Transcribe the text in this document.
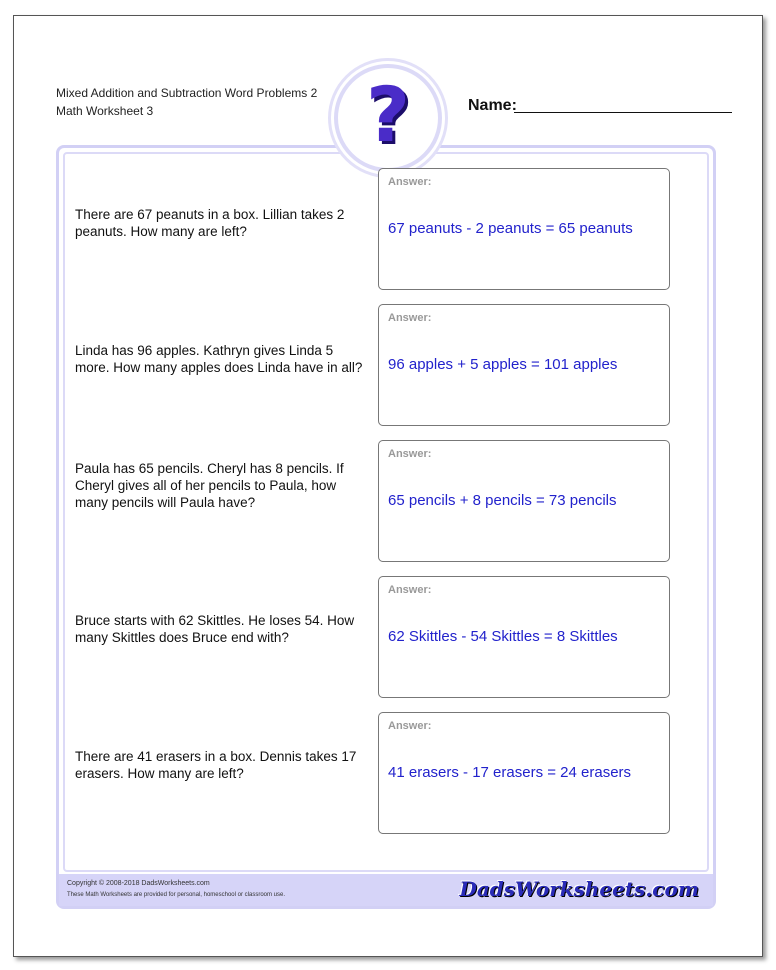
Mixed Addition and Subtraction Word Problems 2
Math Worksheet 3	Name:
Copyright © 2008-2018 DadsWorksheets.com
These Math Worksheets are provided for personal, homeschool or classroom use.	DadsWorksheets.com
?
There are 67 peanuts in a box. Lillian takes 2 peanuts. How many are left?
Answer:
67 peanuts - 2 peanuts = 65 peanuts
Linda has 96 apples. Kathryn gives Linda 5 more. How many apples does Linda have in all?
Answer:
96 apples + 5 apples = 101 apples
Paula has 65 pencils. Cheryl has 8 pencils. If Cheryl gives all of her pencils to Paula, how many pencils will Paula have?
Answer:
65 pencils + 8 pencils = 73 pencils
Bruce starts with 62 Skittles. He loses 54. How many Skittles does Bruce end with?
Answer:
62 Skittles - 54 Skittles = 8 Skittles
There are 41 erasers in a box. Dennis takes 17 erasers. How many are left?
Answer:
41 erasers - 17 erasers = 24 erasers
